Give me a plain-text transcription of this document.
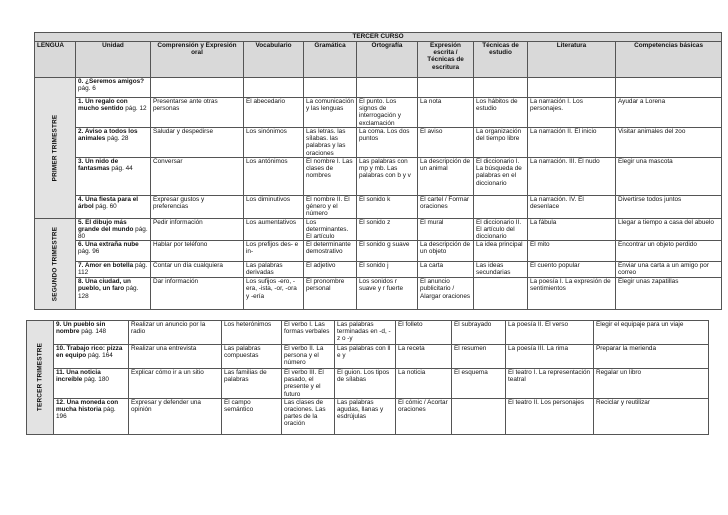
TERCER CURSO									
LENGUA	Unidad	Comprensión y Expresión oral	Vocabulario	Gramática	Ortografía	Expresión escrita / Técnicas de escritura	Técnicas de estudio	Literatura	Competencias básicas

PRIMER TRIMESTRE	0. ¿Seremos amigos? pág. 6								
	1. Un regalo con mucho sentido pág. 12	Presentarse ante otras personas	El abecedario	La comunicación y las lenguas	El punto. Los signos de interrogación y exclamación	La nota	Los hábitos de estudio	La narración I. Los personajes.	Ayudar a Lorena
	2. Aviso a todos los animales pág. 28	Saludar y despedirse	Los sinónimos	Las letras. las sílabas. las palabras y las oraciones	La coma. Los dos puntos	El aviso	La organización del tiempo libre	La narración II. El inicio	Visitar animales del zoo
	3. Un nido de fantasmas pág. 44	Conversar	Los antónimos	El nombre I. Las clases de nombres	Las palabras con mp y mb. Las palabras con b y v	La descripción de un animal	El diccionario I. La búsqueda de palabras en el diccionario	La narración. III. El nudo	Elegir una mascota
	4. Una fiesta para el árbol pág. 60	Expresar gustos y preferencias	Los diminutivos	El nombre II. El género y el número	El sonido k	El cartel / Formar oraciones		La narración. IV. El desenlace	Divertirse todos juntos

SEGUNDO TRIMESTRE	5. El dibujo más grande del mundo pág. 80	Pedir información	Los aumentativos	Los determinantes. El artículo	El sonido z	El mural	El diccionario II. El artículo del diccionario	La fábula	Llegar a tiempo a casa del abuelo
	6. Una extraña nube pág. 96	Hablar por teléfono	Los prefijos des- e in-	El determinante demostrativo	El sonido g suave	La descripción de un objeto	La idea principal	El mito	Encontrar un objeto perdido
	7. Amor en botella pág. 112	Contar un día cualquiera	Las palabras derivadas	El adjetivo	El sonido j	La carta	Las ideas secundarias	El cuento popular	Enviar una carta a un amigo por correo
	8. Una ciudad, un pueblo, un faro pág. 128	Dar información	Los sufijos -ero, -era, -ista, -or, -ora y -ería	El pronombre personal	Los sonidos r suave y r fuerte	El anuncio publicitario / Alargar oraciones		La poesía I. La expresión de sentimientos	Elegir unas zapatillas
TERCER TRIMESTRE	9. Un pueblo sin nombre pág. 148	Realizar un anuncio por la radio	Los heterónimos	El verbo I. Las formas verbales	Las palabras terminadas en -d, -z o -y	El folleto	El subrayado	La poesía II. El verso	Elegir el equipaje para un viaje
	10. Trabajo rico: pizza en equipo pág. 164	Realizar una entrevista	Las palabras compuestas	El verbo II. La persona y el número	Las palabras con ll e y	La receta	El resumen	La poesía III. La rima	Preparar la merienda
	11. Una noticia increíble pág. 180	Explicar cómo ir a un sitio	Las familias de palabras	El verbo III. El pasado, el presente y el futuro	El guion. Los tipos de sílabas	La noticia	El esquema	El teatro I. La representación teatral	Regalar un libro
	12. Una moneda con mucha historia pág. 196	Expresar y defender una opinión	El campo semántico	Las clases de oraciones. Las partes de la oración	Las palabras agudas, llanas y esdrújulas	El cómic / Acortar oraciones		El teatro II. Los personajes	Reciclar y reutilizar
